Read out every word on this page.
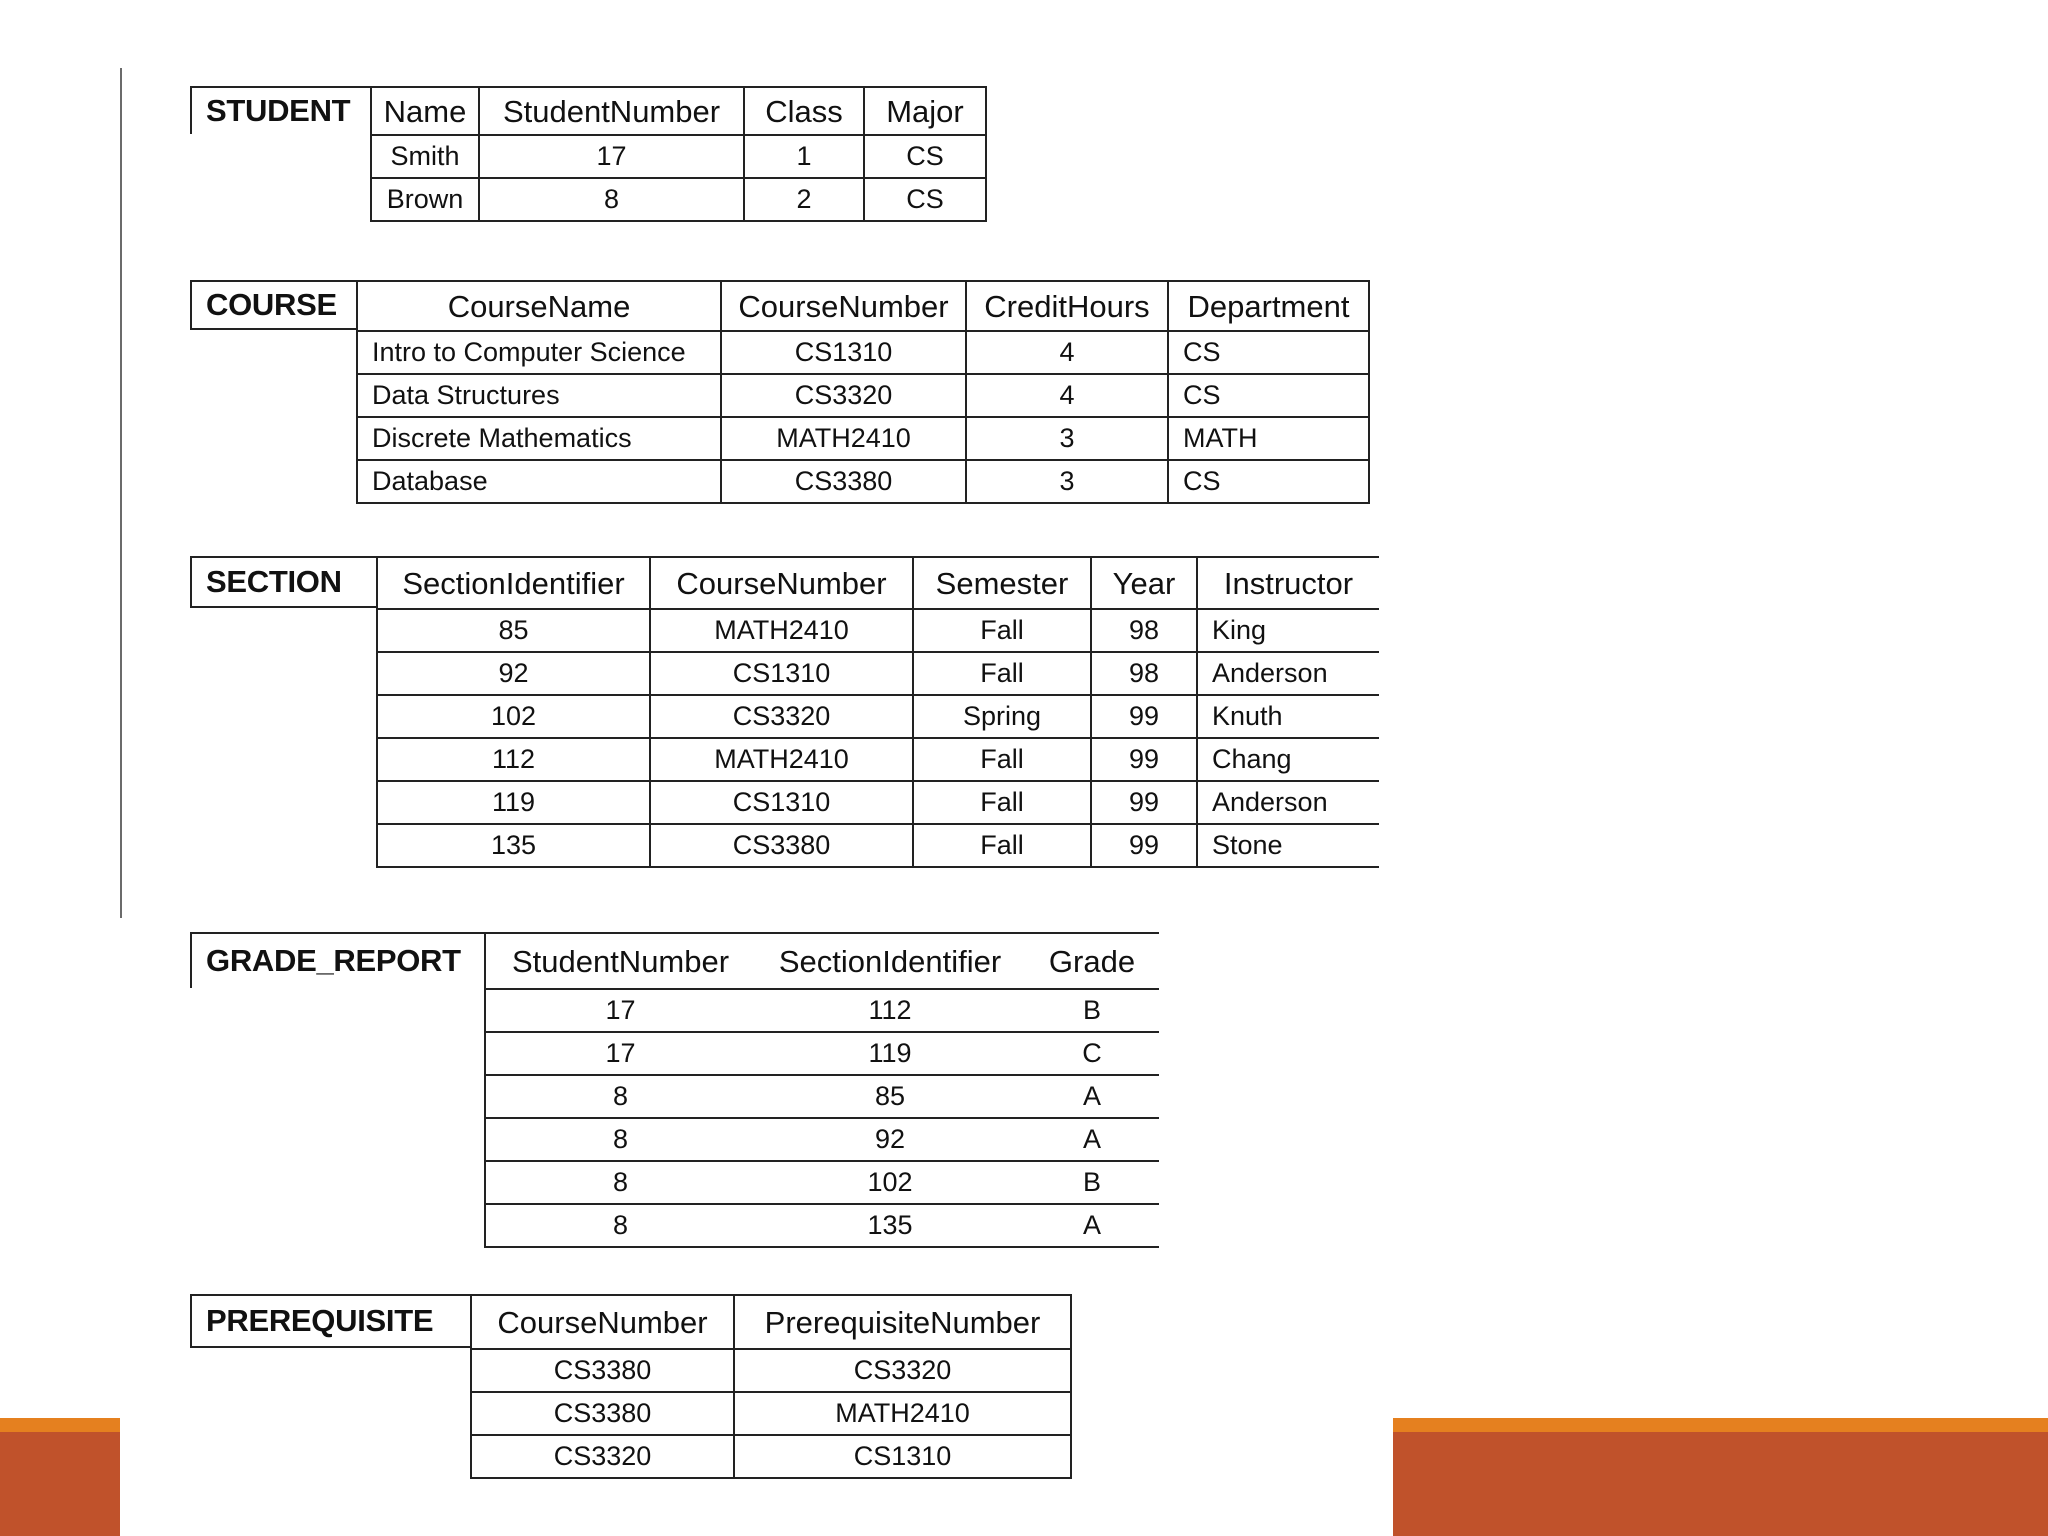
STUDENT	Name	StudentNumber	Class	Major
Smith	17	1	CS
Brown	8	2	CS
COURSE	CourseName	CourseNumber	CreditHours	Department
Intro to Computer Science	CS1310	4	CS
Data Structures	CS3320	4	CS
Discrete Mathematics	MATH2410	3	MATH
Database	CS3380	3	CS
SECTION	SectionIdentifier	CourseNumber	Semester	Year	Instructor
85	MATH2410	Fall	98	King
92	CS1310	Fall	98	Anderson
102	CS3320	Spring	99	Knuth
112	MATH2410	Fall	99	Chang
119	CS1310	Fall	99	Anderson
135	CS3380	Fall	99	Stone
GRADE_REPORT	StudentNumber	SectionIdentifier	Grade
17	112	B
17	119	C
8	85	A
8	92	A
8	102	B
8	135	A
PREREQUISITE	CourseNumber	PrerequisiteNumber
CS3380	CS3320
CS3380	MATH2410
CS3320	CS1310
